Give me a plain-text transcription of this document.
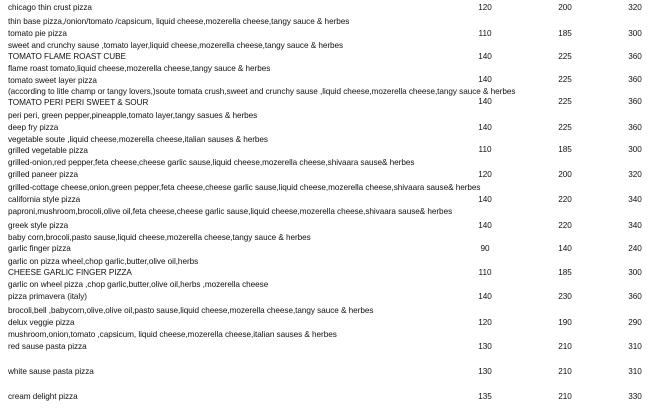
chicago thin crust pizza	120	200	320
thin base pizza,/onion/tomato /capsicum, liquid cheese,mozerella cheese,tangy sauce & herbes
tomato pie pizza	110	185	300
sweet and crunchy sause ,tomato layer,liquid cheese,mozerella cheese,tangy sauce & herbes
TOMATO FLAME ROAST CUBE	140	225	360
flame roast tomato,liquid cheese,mozerella cheese,tangy sauce & herbes
tomato sweet layer pizza	140	225	360
(according to litle champ or tangy lovers,)soute tomata crush,sweet and crunchy sause ,liquid cheese,mozerella cheese,tangy sauce & herbes
TOMATO PERI PERI SWEET & SOUR	140	225	360
peri peri, green pepper,pineapple,tomato layer,tangy sasues & herbes
deep fry pizza	140	225	360
vegetable soute ,liquid cheese,mozerella cheese,italian sauses & herbes
grilled vegetable pizza	110	185	300
grilled-onion,red pepper,feta cheese,cheese garlic sause,liquid cheese,mozerella cheese,shivaara sause& herbes
grilled paneer pizza	120	200	320
grilled-cottage cheese,onion,green pepper,feta cheese,cheese garlic sause,liquid cheese,mozerella cheese,shivaara sause& herbes
california style pizza	140	220	340
paproni,mushroom,brocoli,olive oil,feta cheese,cheese garlic sause,liquid cheese,mozerella cheese,shivaara sause& herbes
greek style pizza	140	220	340
baby corn,brocoli,pasto sause,liquid cheese,mozerella cheese,tangy sauce & herbes
garlic finger pizza	90	140	240
garlic on pizza wheel,chop garlic,butter,olive oil,herbs
CHEESE GARLIC FINGER PIZZA	110	185	300
garlic on wheel pizza ,chop garlic,butter,olive oil,herbs ,mozerella cheese
pizza primavera (italy)	140	230	360
brocoli,bell ,babycorn,olive,olive oil,pasto sause,liquid cheese,mozerella cheese,tangy sauce & herbes
delux veggie pizza	120	190	290
mushroom,onion,tomato ,capsicum, liquid cheese,mozerella cheese,italian sauses & herbes
red sause pasta pizza	130	210	310
white sause pasta pizza	130	210	310
cream delight pizza	135	210	330
